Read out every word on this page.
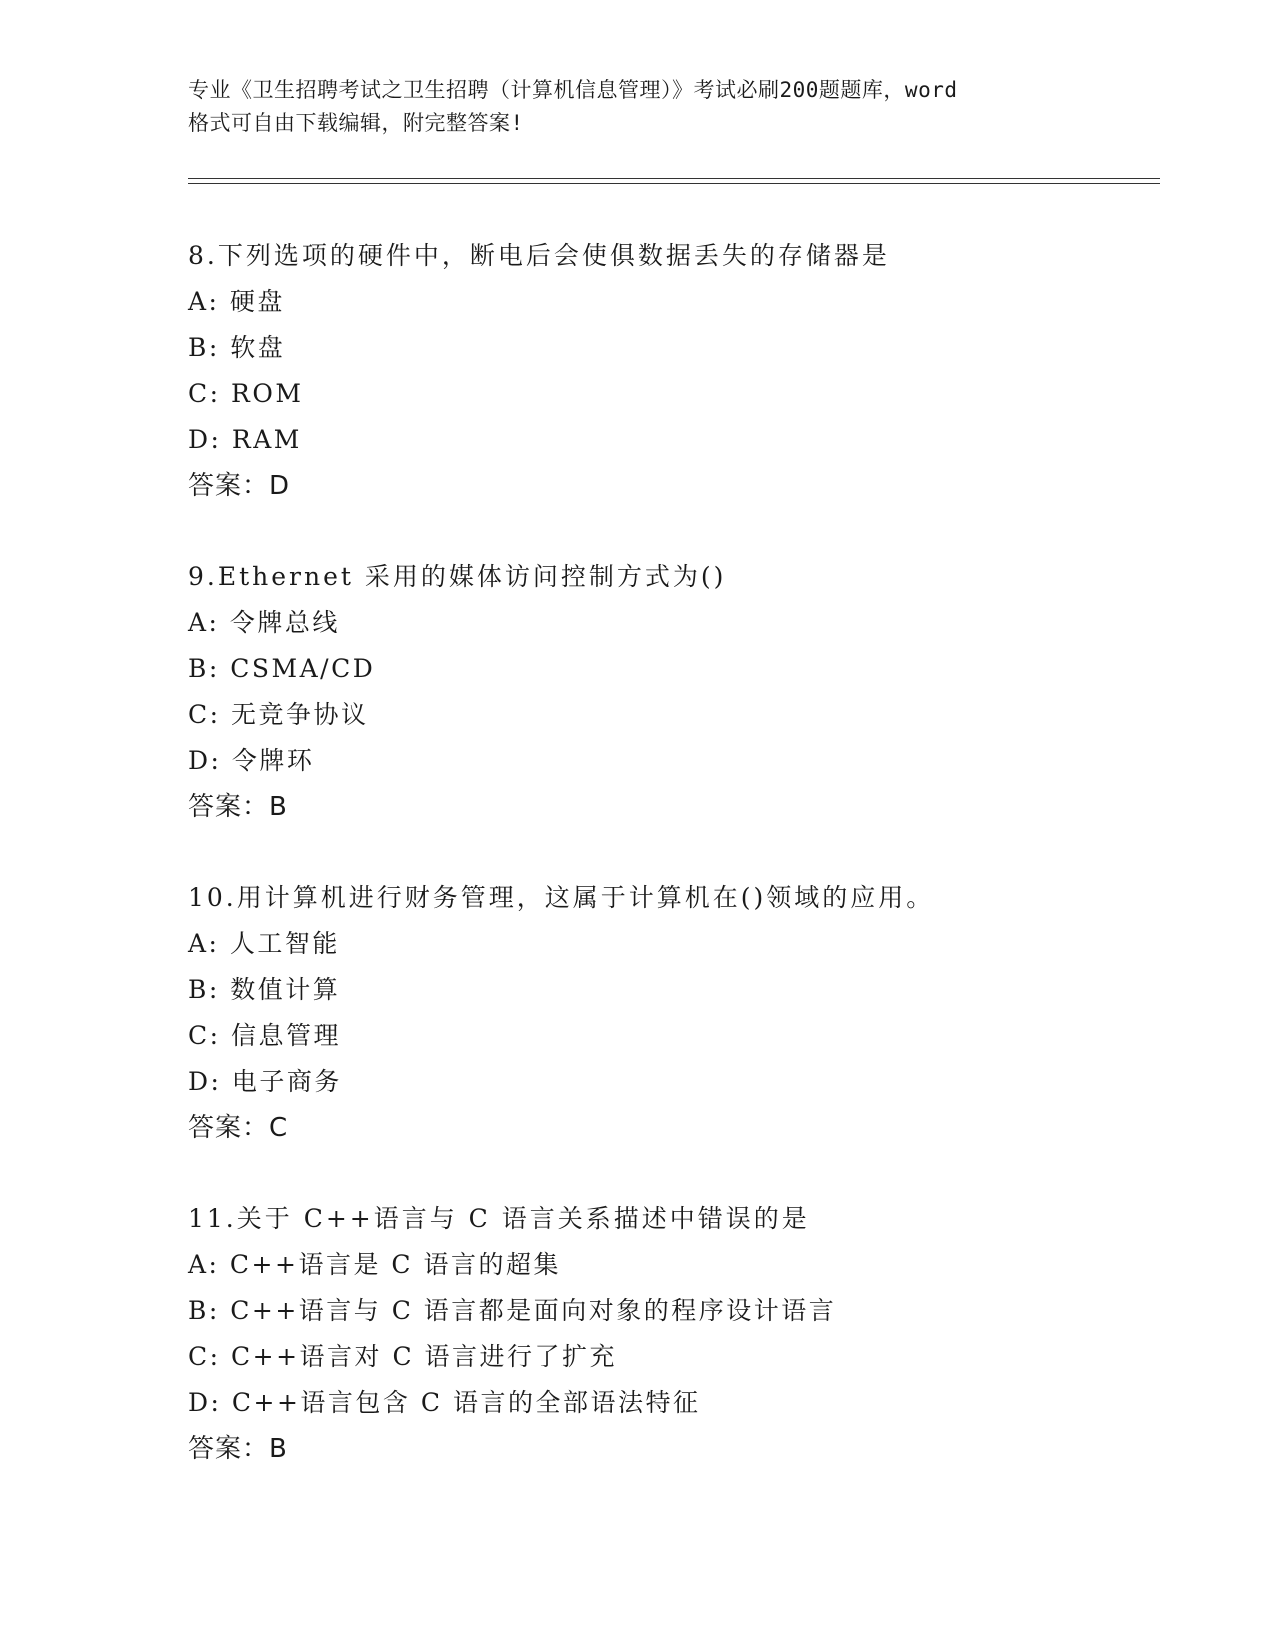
专业《卫生招聘考试之卫生招聘（计算机信息管理）》考试必刷200题题库，word
格式可自由下载编辑，附完整答案!
8.下列选项的硬件中，断电后会使俱数据丢失的存储器是
A: 硬盘
B: 软盘
C: ROM
D: RAM
答案：D
9.Ethernet 采用的媒体访问控制方式为()
A: 令牌总线
B: CSMA/CD
C: 无竞争协议
D: 令牌环
答案：B
10.用计算机进行财务管理，这属于计算机在()领域的应用。
A: 人工智能
B: 数值计算
C: 信息管理
D: 电子商务
答案：C
11.关于 C++语言与 C 语言关系描述中错误的是
A: C++语言是 C 语言的超集
B: C++语言与 C 语言都是面向对象的程序设计语言
C: C++语言对 C 语言进行了扩充
D: C++语言包含 C 语言的全部语法特征
答案：B
